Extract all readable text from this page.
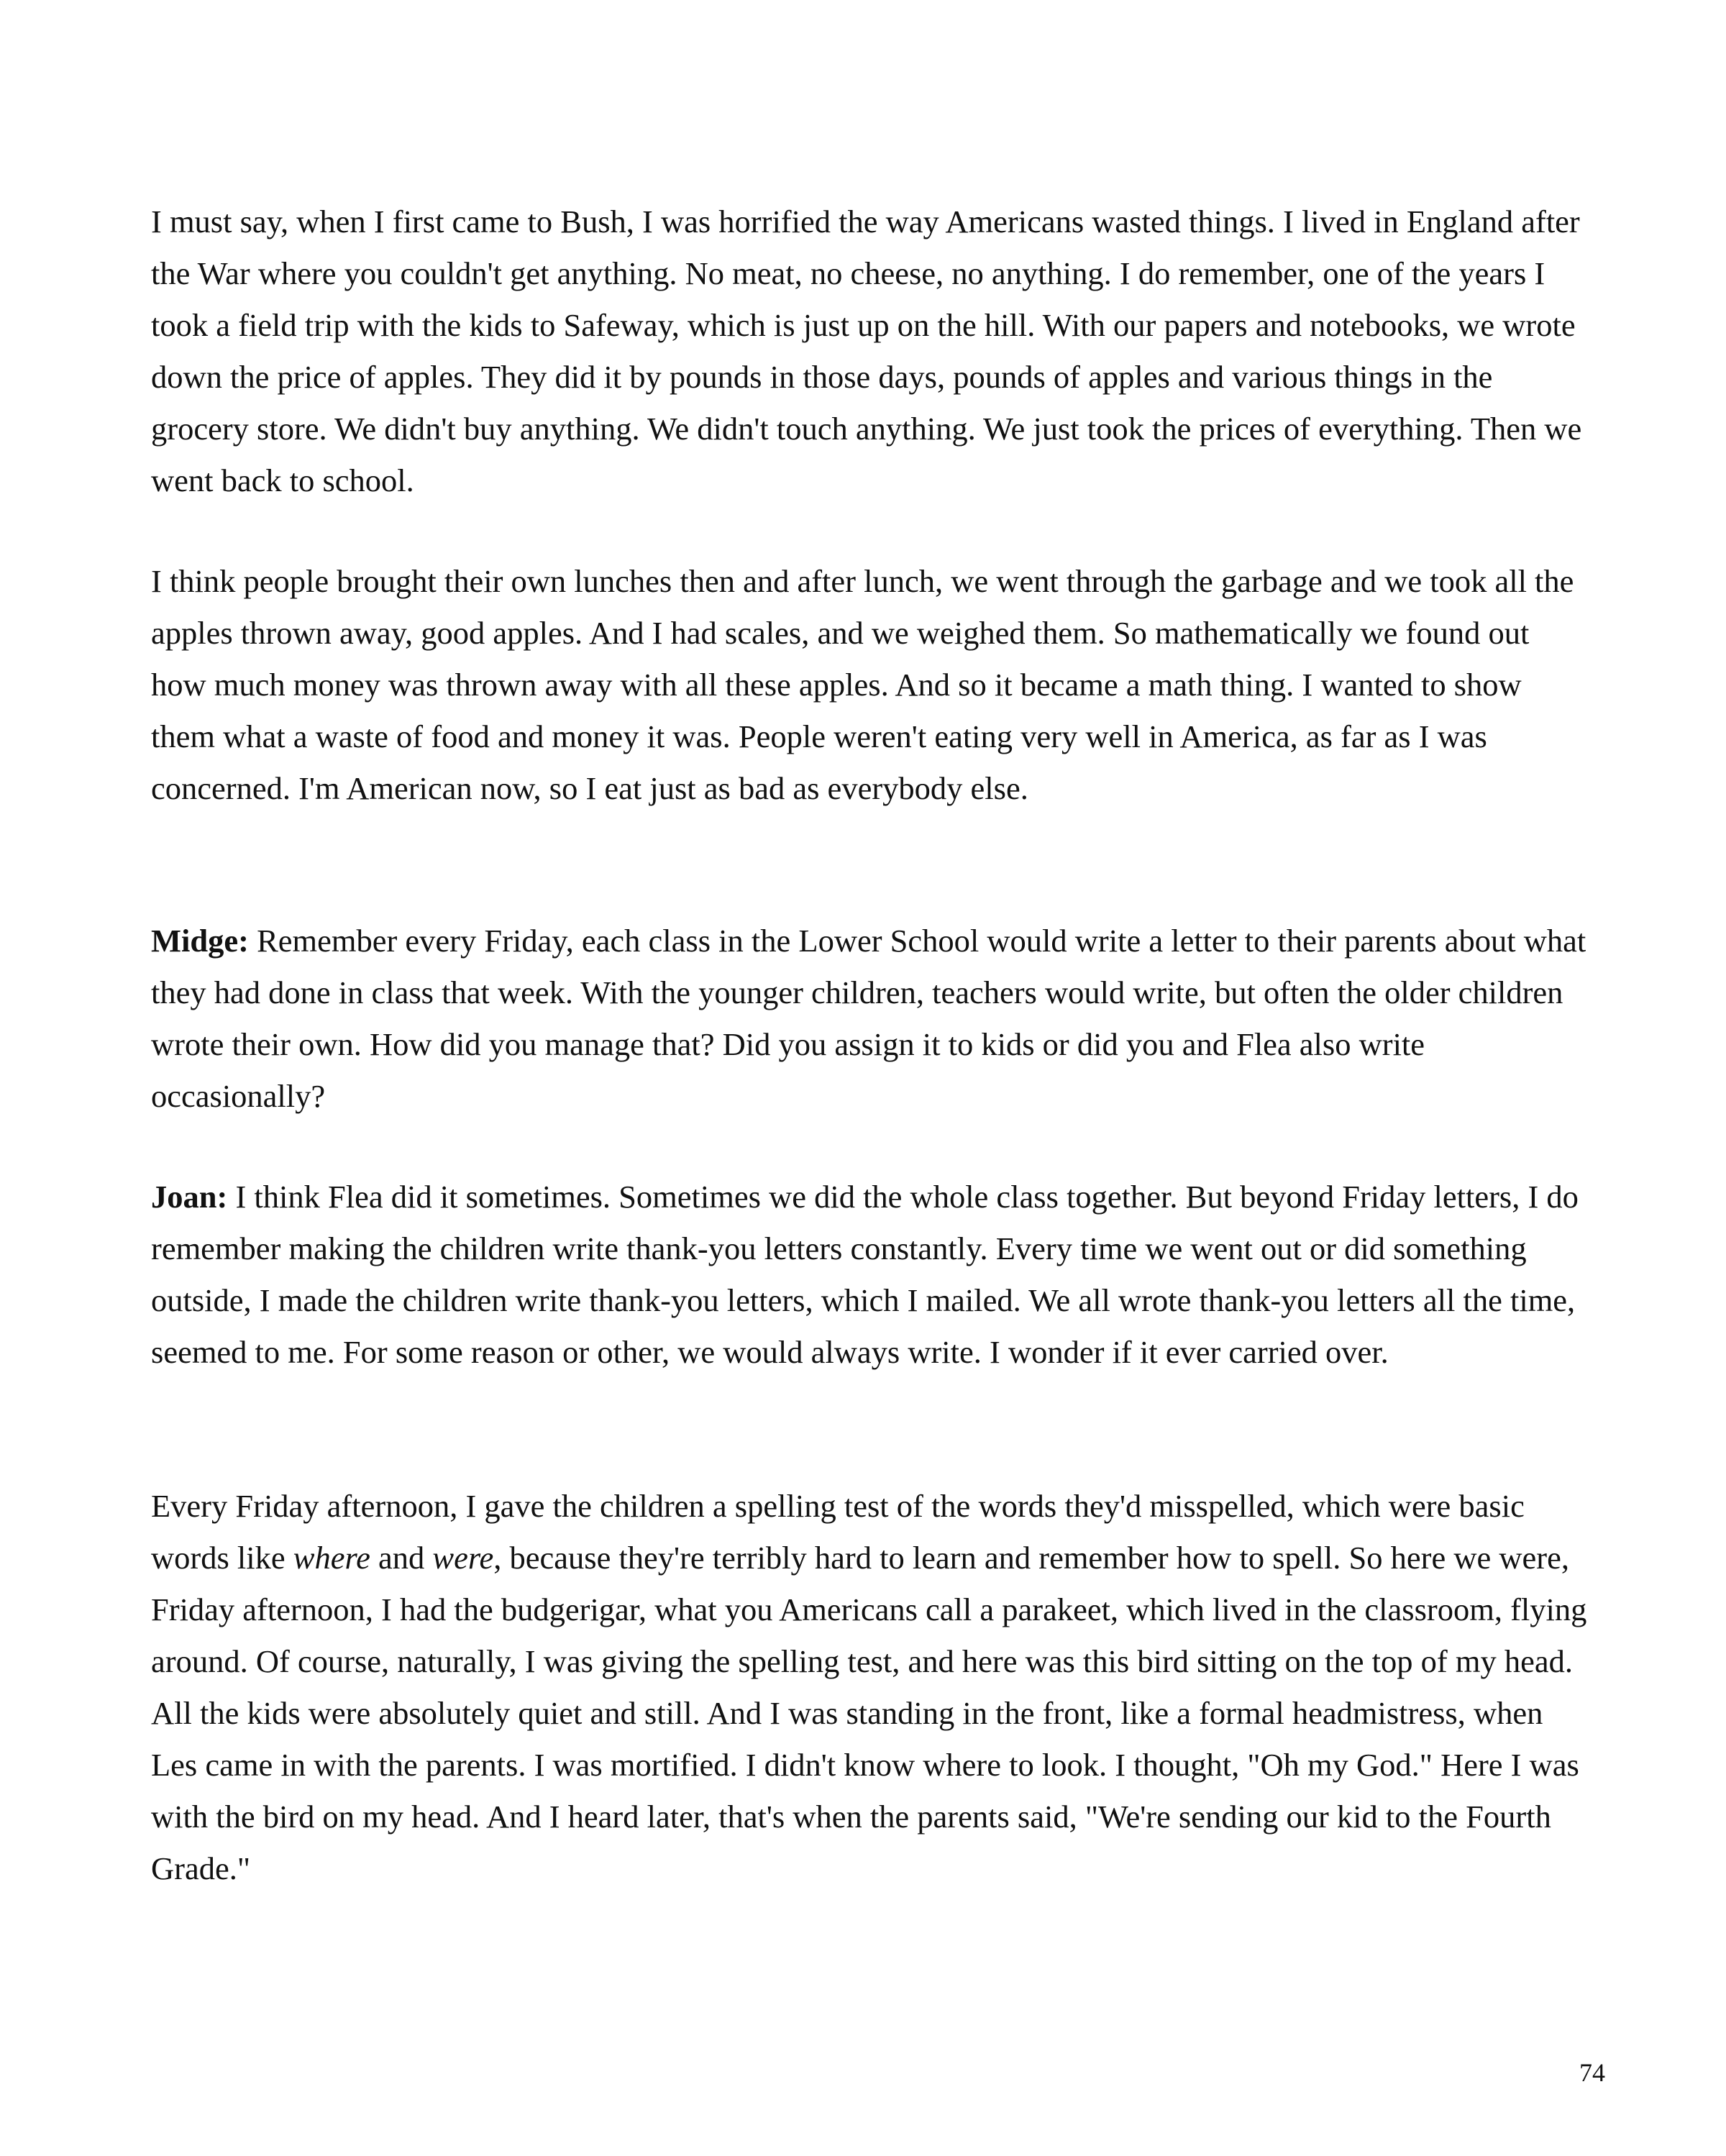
I must say, when I first came to Bush, I was horrified the way Americans wasted things. I lived in England after the War where you couldn't get anything. No meat, no cheese, no anything. I do remember, one of the years I took a field trip with the kids to Safeway, which is just up on the hill. With our papers and notebooks, we wrote down the price of apples. They did it by pounds in those days, pounds of apples and various things in the grocery store. We didn't buy anything. We didn't touch anything. We just took the prices of everything. Then we went back to school.

I think people brought their own lunches then and after lunch, we went through the garbage and we took all the apples thrown away, good apples. And I had scales, and we weighed them. So mathematically we found out how much money was thrown away with all these apples. And so it became a math thing. I wanted to show them what a waste of food and money it was. People weren't eating very well in America, as far as I was concerned. I'm American now, so I eat just as bad as everybody else.

Midge: Remember every Friday, each class in the Lower School would write a letter to their parents about what they had done in class that week. With the younger children, teachers would write, but often the older children wrote their own. How did you manage that? Did you assign it to kids or did you and Flea also write occasionally?

Joan: I think Flea did it sometimes. Sometimes we did the whole class together. But beyond Friday letters, I do remember making the children write thank-you letters constantly. Every time we went out or did something outside, I made the children write thank-you letters, which I mailed. We all wrote thank-you letters all the time, seemed to me. For some reason or other, we would always write. I wonder if it ever carried over.

Every Friday afternoon, I gave the children a spelling test of the words they'd misspelled, which were basic words like where and were, because they're terribly hard to learn and remember how to spell. So here we were, Friday afternoon, I had the budgerigar, what you Americans call a parakeet, which lived in the classroom, flying around. Of course, naturally, I was giving the spelling test, and here was this bird sitting on the top of my head. All the kids were absolutely quiet and still. And I was standing in the front, like a formal headmistress, when Les came in with the parents. I was mortified. I didn't know where to look. I thought, "Oh my God." Here I was with the bird on my head. And I heard later, that's when the parents said, "We're sending our kid to the Fourth Grade."

74
